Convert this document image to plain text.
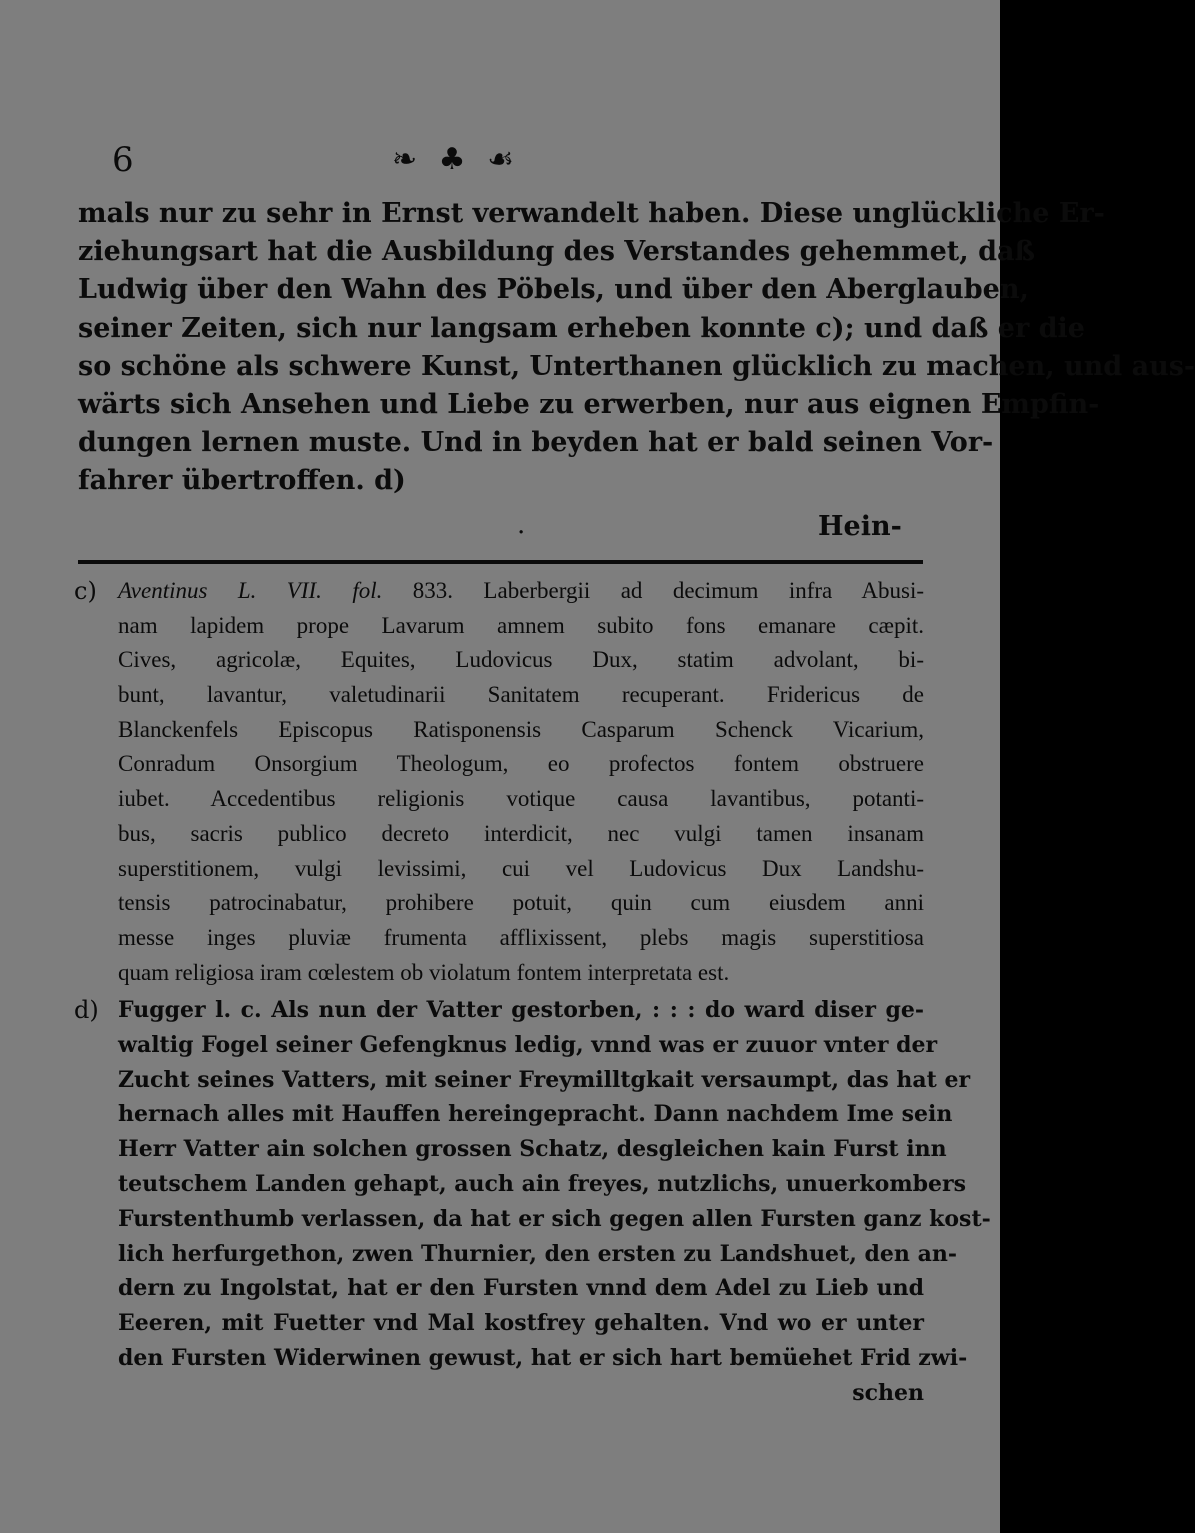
6	❧ ♣ ☙
mals nur zu sehr in Ernst verwandelt haben. Diese unglückliche Er-
ziehungsart hat die Ausbildung des Verstandes gehemmet, daß
Ludwig über den Wahn des Pöbels, und über den Aberglauben,
seiner Zeiten, sich nur langsam erheben konnte c); und daß er die
so schöne als schwere Kunst, Unterthanen glücklich zu machen, und aus-
wärts sich Ansehen und Liebe zu erwerben, nur aus eignen Empfin-
dungen lernen muste. Und in beyden hat er bald seinen Vor-
fahrer übertroffen. d)
.	Hein-
c) Aventinus L. VII. fol. 833. Laberbergii ad decimum infra Abusi-
nam lapidem prope Lavarum amnem subito fons emanare cæpit.
Cives, agricolæ, Equites, Ludovicus Dux, statim advolant, bi-
bunt, lavantur, valetudinarii Sanitatem recuperant. Fridericus de
Blanckenfels Episcopus Ratisponensis Casparum Schenck Vicarium,
Conradum Onsorgium Theologum, eo profectos fontem obstruere
iubet. Accedentibus religionis votique causa lavantibus, potanti-
bus, sacris publico decreto interdicit, nec vulgi tamen insanam
superstitionem, vulgi levissimi, cui vel Ludovicus Dux Landshu-
tensis patrocinabatur, prohibere potuit, quin cum eiusdem anni
messe inges pluviæ frumenta afflixissent, plebs magis superstitiosa
quam religiosa iram cœlestem ob violatum fontem interpretata est.
d) Fugger l. c. Als nun der Vatter gestorben, : : : do ward diser ge-
waltig Fogel seiner Gefengknus ledig, vnnd was er zuuor vnter der
Zucht seines Vatters, mit seiner Freymilltgkait versaumpt, das hat er
hernach alles mit Hauffen hereingepracht. Dann nachdem Ime sein
Herr Vatter ain solchen grossen Schatz, desgleichen kain Furst inn
teutschem Landen gehapt, auch ain freyes, nutzlichs, unuerkombers
Furstenthumb verlassen, da hat er sich gegen allen Fursten ganz kost-
lich herfurgethon, zwen Thurnier, den ersten zu Landshuet, den an-
dern zu Ingolstat, hat er den Fursten vnnd dem Adel zu Lieb und
Eeeren, mit Fuetter vnd Mal kostfrey gehalten. Vnd wo er unter
den Fursten Widerwinen gewust, hat er sich hart bemüehet Frid zwi-
schen
